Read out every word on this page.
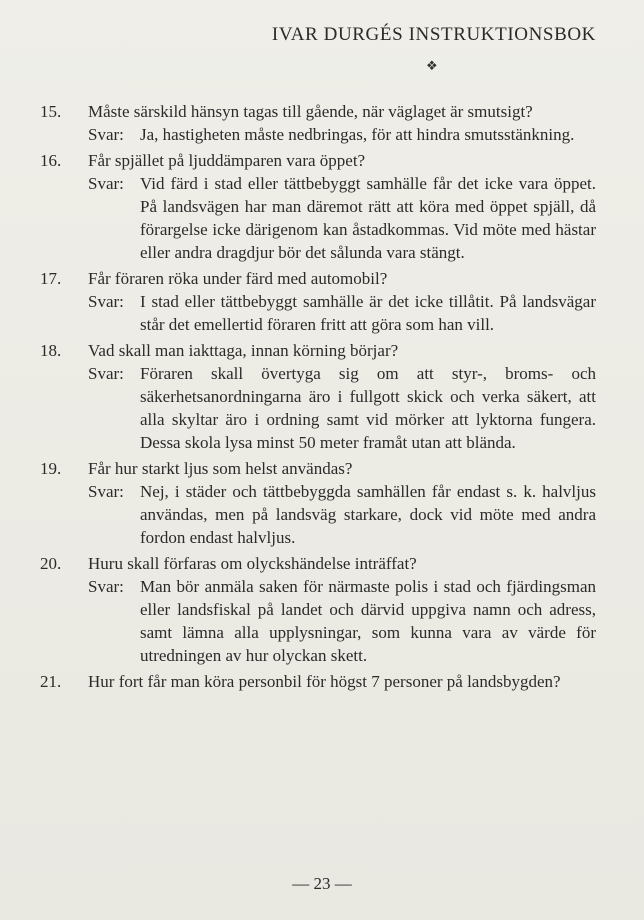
IVAR DURGÉS INSTRUKTIONSBOK
❖
15.	Måste särskild hänsyn tagas till gående, när väglaget är smutsigt?
Svar: Ja, hastigheten måste nedbringas, för att hindra smutsstänkning.
16.	Får spjället på ljuddämparen vara öppet?
Svar: Vid färd i stad eller tättbebyggt samhälle får det icke vara öppet. På landsvägen har man däremot rätt att köra med öppet spjäll, då förargelse icke därigenom kan åstadkommas. Vid möte med hästar eller andra dragdjur bör det sålunda vara stängt.
17.	Får föraren röka under färd med automobil?
Svar: I stad eller tättbebyggt samhälle är det icke tillåtit. På landsvägar står det emellertid föraren fritt att göra som han vill.
18.	Vad skall man iakttaga, innan körning börjar?
Svar: Föraren skall övertyga sig om att styr-, broms- och säkerhetsanordningarna äro i fullgott skick och verka säkert, att alla skyltar äro i ordning samt vid mörker att lyktorna fungera. Dessa skola lysa minst 50 meter framåt utan att blända.
19.	Får hur starkt ljus som helst användas?
Svar: Nej, i städer och tättbebyggda samhällen får endast s. k. halvljus användas, men på landsväg starkare, dock vid möte med andra fordon endast halvljus.
20.	Huru skall förfaras om olyckshändelse inträffat?
Svar: Man bör anmäla saken för närmaste polis i stad och fjärdingsman eller landsfiskal på landet och därvid uppgiva namn och adress, samt lämna alla upplysningar, som kunna vara av värde för utredningen av hur olyckan skett.
21.	Hur fort får man köra personbil för högst 7 personer på landsbygden?
— 23 —
